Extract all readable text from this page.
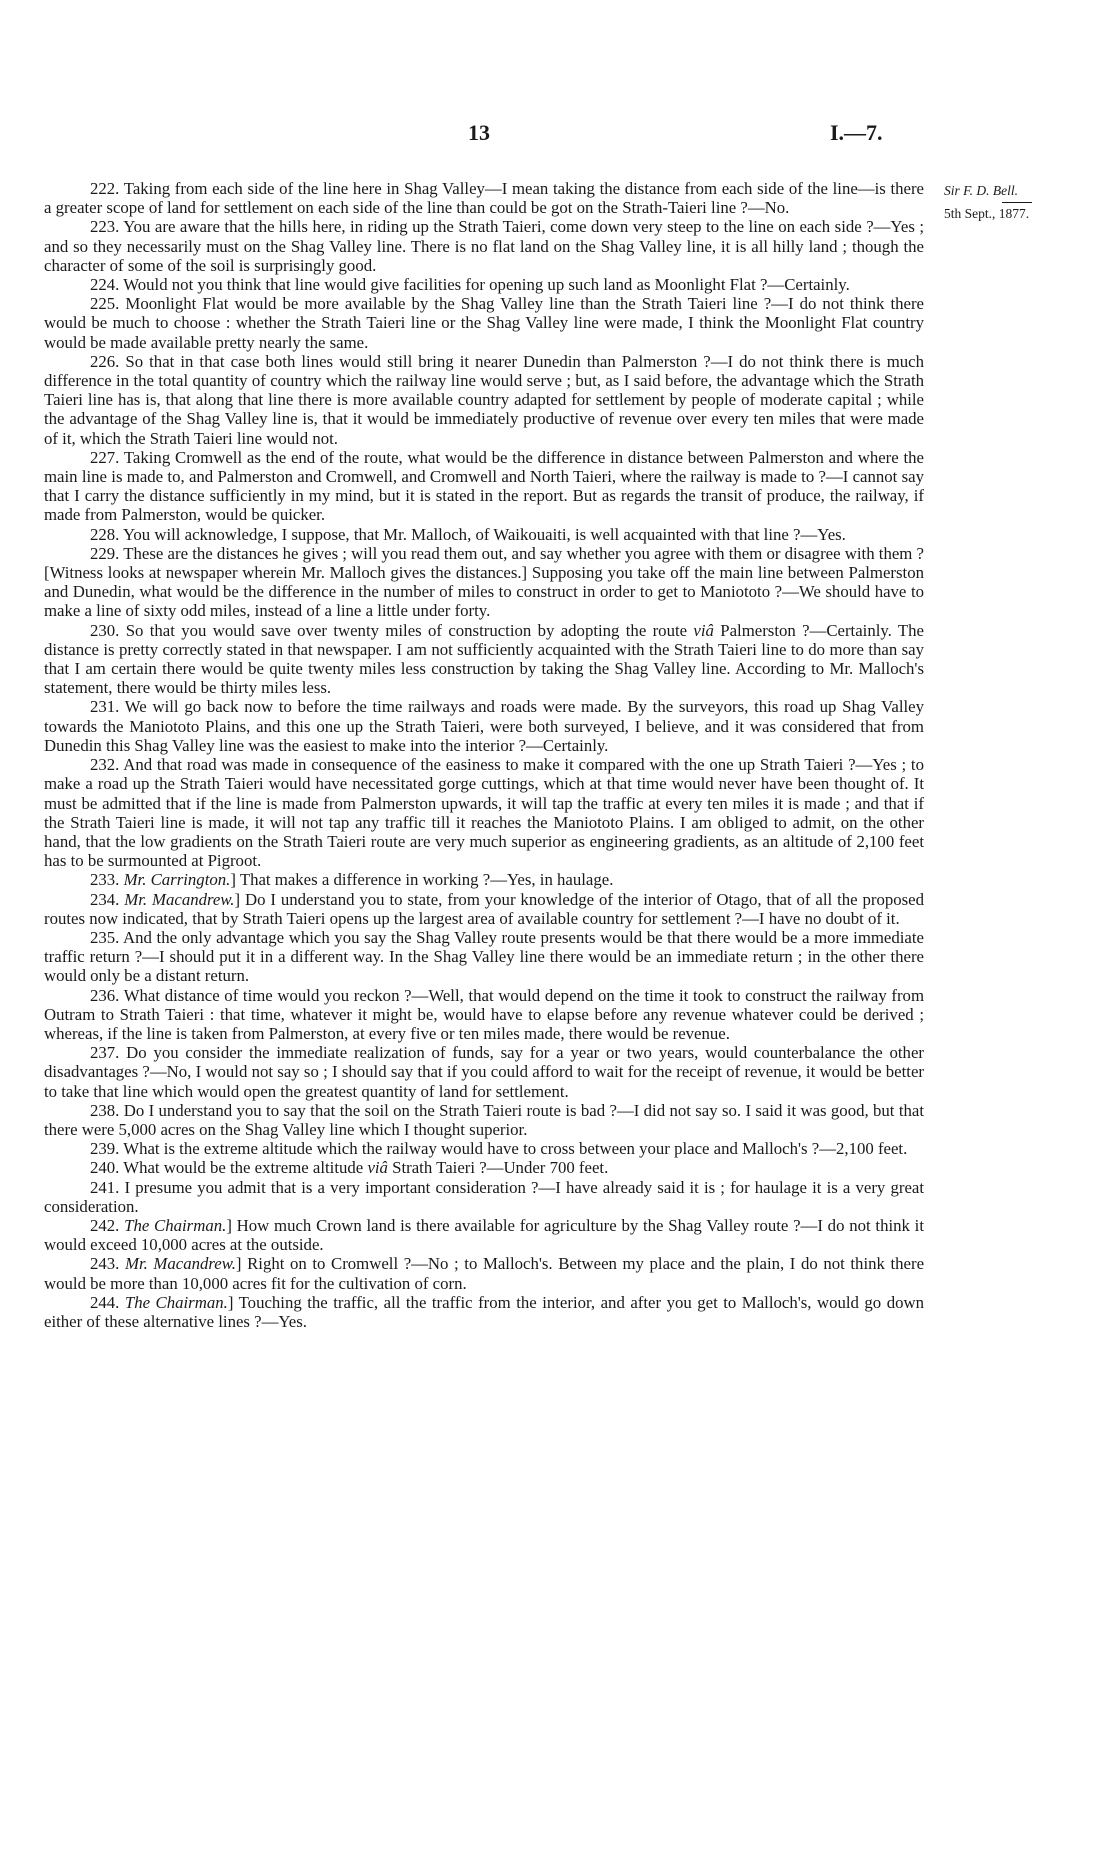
13	I.—7.
Sir F. D. Bell.
5th Sept., 1877.

222. Taking from each side of the line here in Shag Valley—I mean taking the distance from each side of the line—is there a greater scope of land for settlement on each side of the line than could be got on the Strath-Taieri line ?—No.

223. You are aware that the hills here, in riding up the Strath Taieri, come down very steep to the line on each side ?—Yes ; and so they necessarily must on the Shag Valley line. There is no flat land on the Shag Valley line, it is all hilly land ; though the character of some of the soil is surprisingly good.

224. Would not you think that line would give facilities for opening up such land as Moonlight Flat ?—Certainly.

225. Moonlight Flat would be more available by the Shag Valley line than the Strath Taieri line ?—I do not think there would be much to choose : whether the Strath Taieri line or the Shag Valley line were made, I think the Moonlight Flat country would be made available pretty nearly the same.

226. So that in that case both lines would still bring it nearer Dunedin than Palmerston ?—I do not think there is much difference in the total quantity of country which the railway line would serve ; but, as I said before, the advantage which the Strath Taieri line has is, that along that line there is more available country adapted for settlement by people of moderate capital ; while the advantage of the Shag Valley line is, that it would be immediately productive of revenue over every ten miles that were made of it, which the Strath Taieri line would not.

227. Taking Cromwell as the end of the route, what would be the difference in distance between Palmerston and where the main line is made to, and Palmerston and Cromwell, and Cromwell and North Taieri, where the railway is made to ?—I cannot say that I carry the distance sufficiently in my mind, but it is stated in the report. But as regards the transit of produce, the railway, if made from Palmerston, would be quicker.

228. You will acknowledge, I suppose, that Mr. Malloch, of Waikouaiti, is well acquainted with that line ?—Yes.

229. These are the distances he gives ; will you read them out, and say whether you agree with them or disagree with them ? [Witness looks at newspaper wherein Mr. Malloch gives the distances.] Supposing you take off the main line between Palmerston and Dunedin, what would be the difference in the number of miles to construct in order to get to Maniototo ?—We should have to make a line of sixty odd miles, instead of a line a little under forty.

230. So that you would save over twenty miles of construction by adopting the route viâ Palmerston ?—Certainly. The distance is pretty correctly stated in that newspaper. I am not sufficiently acquainted with the Strath Taieri line to do more than say that I am certain there would be quite twenty miles less construction by taking the Shag Valley line. According to Mr. Malloch's statement, there would be thirty miles less.

231. We will go back now to before the time railways and roads were made. By the surveyors, this road up Shag Valley towards the Maniototo Plains, and this one up the Strath Taieri, were both surveyed, I believe, and it was considered that from Dunedin this Shag Valley line was the easiest to make into the interior ?—Certainly.

232. And that road was made in consequence of the easiness to make it compared with the one up Strath Taieri ?—Yes ; to make a road up the Strath Taieri would have necessitated gorge cuttings, which at that time would never have been thought of. It must be admitted that if the line is made from Palmerston upwards, it will tap the traffic at every ten miles it is made ; and that if the Strath Taieri line is made, it will not tap any traffic till it reaches the Maniototo Plains. I am obliged to admit, on the other hand, that the low gradients on the Strath Taieri route are very much superior as engineering gradients, as an altitude of 2,100 feet has to be surmounted at Pigroot.

233. Mr. Carrington.] That makes a difference in working ?—Yes, in haulage.

234. Mr. Macandrew.] Do I understand you to state, from your knowledge of the interior of Otago, that of all the proposed routes now indicated, that by Strath Taieri opens up the largest area of available country for settlement ?—I have no doubt of it.

235. And the only advantage which you say the Shag Valley route presents would be that there would be a more immediate traffic return ?—I should put it in a different way. In the Shag Valley line there would be an immediate return ; in the other there would only be a distant return.

236. What distance of time would you reckon ?—Well, that would depend on the time it took to construct the railway from Outram to Strath Taieri : that time, whatever it might be, would have to elapse before any revenue whatever could be derived ; whereas, if the line is taken from Palmerston, at every five or ten miles made, there would be revenue.

237. Do you consider the immediate realization of funds, say for a year or two years, would counterbalance the other disadvantages ?—No, I would not say so ; I should say that if you could afford to wait for the receipt of revenue, it would be better to take that line which would open the greatest quantity of land for settlement.

238. Do I understand you to say that the soil on the Strath Taieri route is bad ?—I did not say so. I said it was good, but that there were 5,000 acres on the Shag Valley line which I thought superior.

239. What is the extreme altitude which the railway would have to cross between your place and Malloch's ?—2,100 feet.

240. What would be the extreme altitude viâ Strath Taieri ?—Under 700 feet.

241. I presume you admit that is a very important consideration ?—I have already said it is ; for haulage it is a very great consideration.

242. The Chairman.] How much Crown land is there available for agriculture by the Shag Valley route ?—I do not think it would exceed 10,000 acres at the outside.

243. Mr. Macandrew.] Right on to Cromwell ?—No ; to Malloch's. Between my place and the plain, I do not think there would be more than 10,000 acres fit for the cultivation of corn.

244. The Chairman.] Touching the traffic, all the traffic from the interior, and after you get to Malloch's, would go down either of these alternative lines ?—Yes.
